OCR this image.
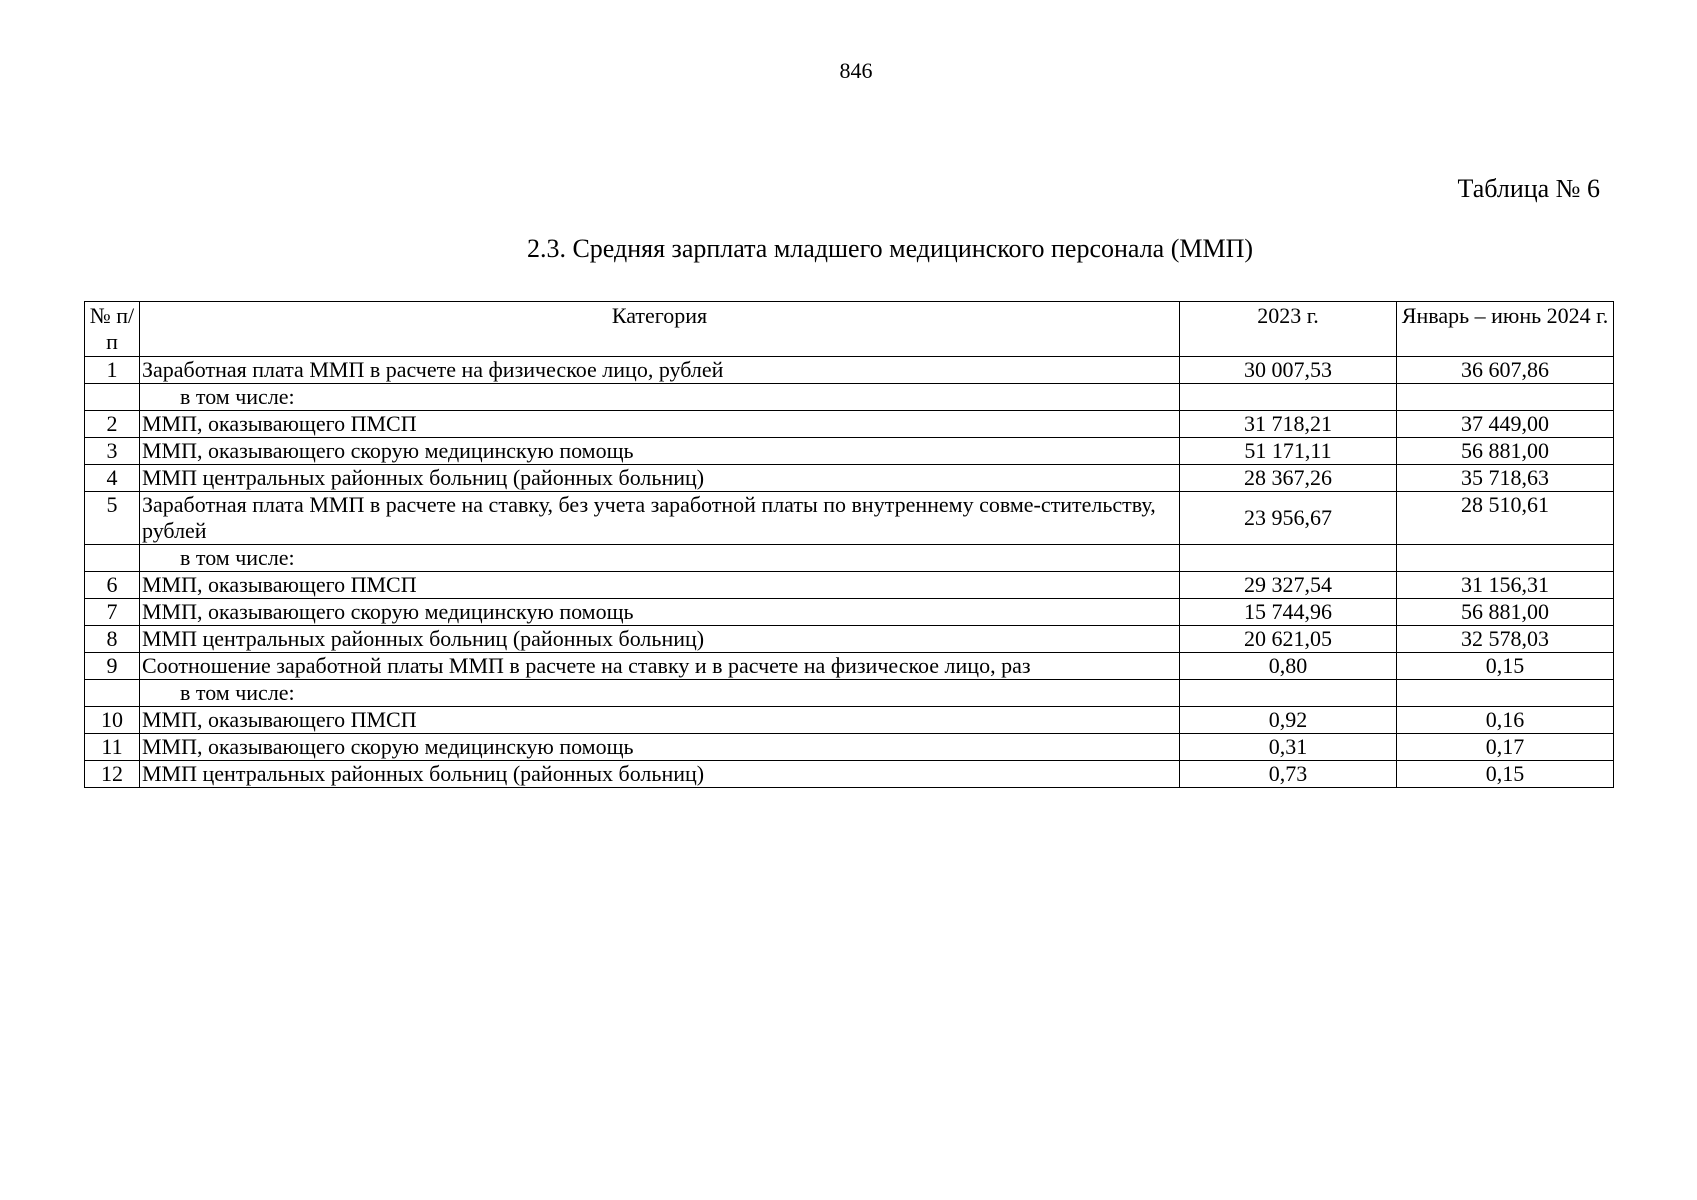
846
Таблица № 6
2.3. Средняя зарплата младшего медицинского персонала (ММП)
№ п/п	Категория	2023 г.	Январь – июнь 2024 г.
1	Заработная плата ММП в расчете на физическое лицо, рублей	30 007,53	36 607,86
	в том числе:		
2	ММП, оказывающего ПМСП	31 718,21	37 449,00
3	ММП, оказывающего скорую медицинскую помощь	51 171,11	56 881,00
4	ММП центральных районных больниц (районных больниц)	28 367,26	35 718,63
5	Заработная плата ММП в расчете на ставку, без учета заработной платы по внутреннему совме-стительству, рублей	23 956,67	28 510,61
	в том числе:		
6	ММП, оказывающего ПМСП	29 327,54	31 156,31
7	ММП, оказывающего скорую медицинскую помощь	15 744,96	56 881,00
8	ММП центральных районных больниц (районных больниц)	20 621,05	32 578,03
9	Соотношение заработной платы ММП в расчете на ставку и в расчете на физическое лицо, раз	0,80	0,15
	в том числе:		
10	ММП, оказывающего ПМСП	0,92	0,16
11	ММП, оказывающего скорую медицинскую помощь	0,31	0,17
12	ММП центральных районных больниц (районных больниц)	0,73	0,15
